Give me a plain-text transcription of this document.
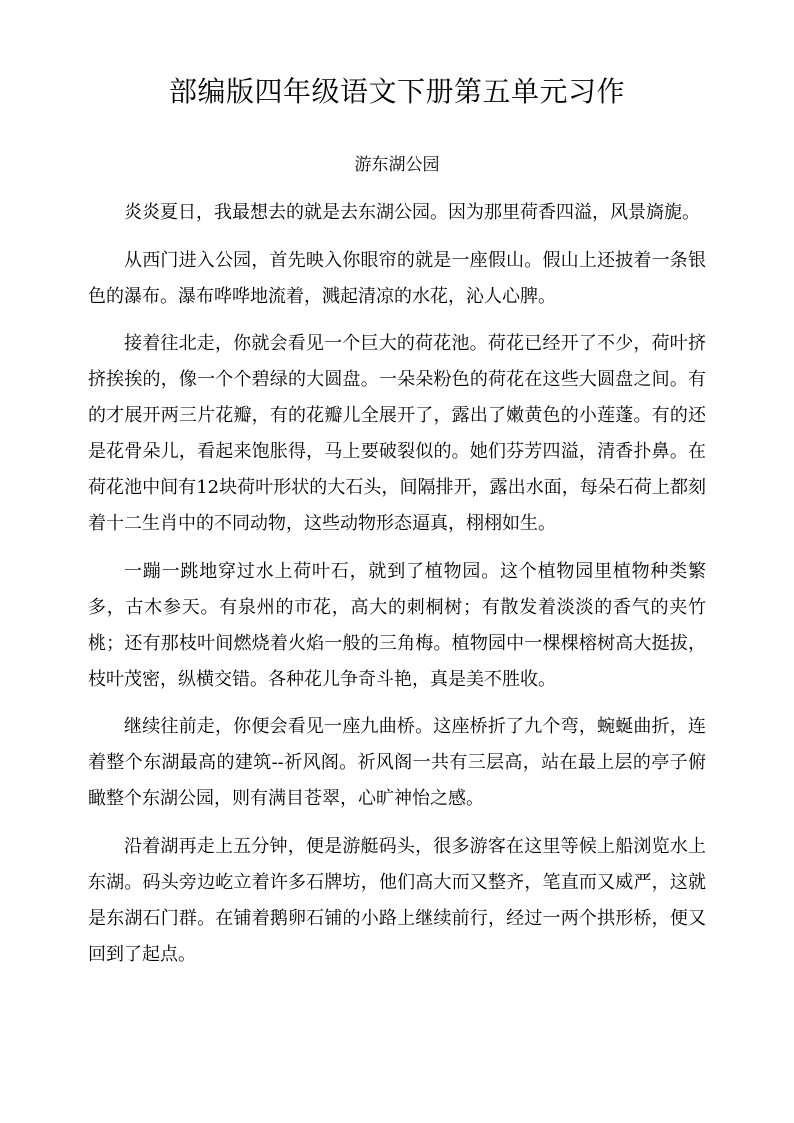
部编版四年级语文下册第五单元习作
游东湖公园

炎炎夏日，我最想去的就是去东湖公园。因为那里荷香四溢，风景旖旎。

从西门进入公园，首先映入你眼帘的就是一座假山。假山上还披着一条银色的瀑布。瀑布哗哗地流着，溅起清凉的水花，沁人心脾。

接着往北走，你就会看见一个巨大的荷花池。荷花已经开了不少，荷叶挤挤挨挨的，像一个个碧绿的大圆盘。一朵朵粉色的荷花在这些大圆盘之间。有的才展开两三片花瓣，有的花瓣儿全展开了，露出了嫩黄色的小莲蓬。有的还是花骨朵儿，看起来饱胀得，马上要破裂似的。她们芬芳四溢，清香扑鼻。在荷花池中间有12块荷叶形状的大石头，间隔排开，露出水面，每朵石荷上都刻着十二生肖中的不同动物，这些动物形态逼真，栩栩如生。

一蹦一跳地穿过水上荷叶石，就到了植物园。这个植物园里植物种类繁多，古木参天。有泉州的市花，高大的刺桐树；有散发着淡淡的香气的夹竹桃；还有那枝叶间燃烧着火焰一般的三角梅。植物园中一棵棵榕树高大挺拔，枝叶茂密，纵横交错。各种花儿争奇斗艳，真是美不胜收。

继续往前走，你便会看见一座九曲桥。这座桥折了九个弯，蜿蜒曲折，连着整个东湖最高的建筑--祈风阁。祈风阁一共有三层高，站在最上层的亭子俯瞰整个东湖公园，则有满目苍翠，心旷神怡之感。

沿着湖再走上五分钟，便是游艇码头，很多游客在这里等候上船浏览水上东湖。码头旁边屹立着许多石牌坊，他们高大而又整齐，笔直而又威严，这就是东湖石门群。在铺着鹅卵石铺的小路上继续前行，经过一两个拱形桥，便又回到了起点。
